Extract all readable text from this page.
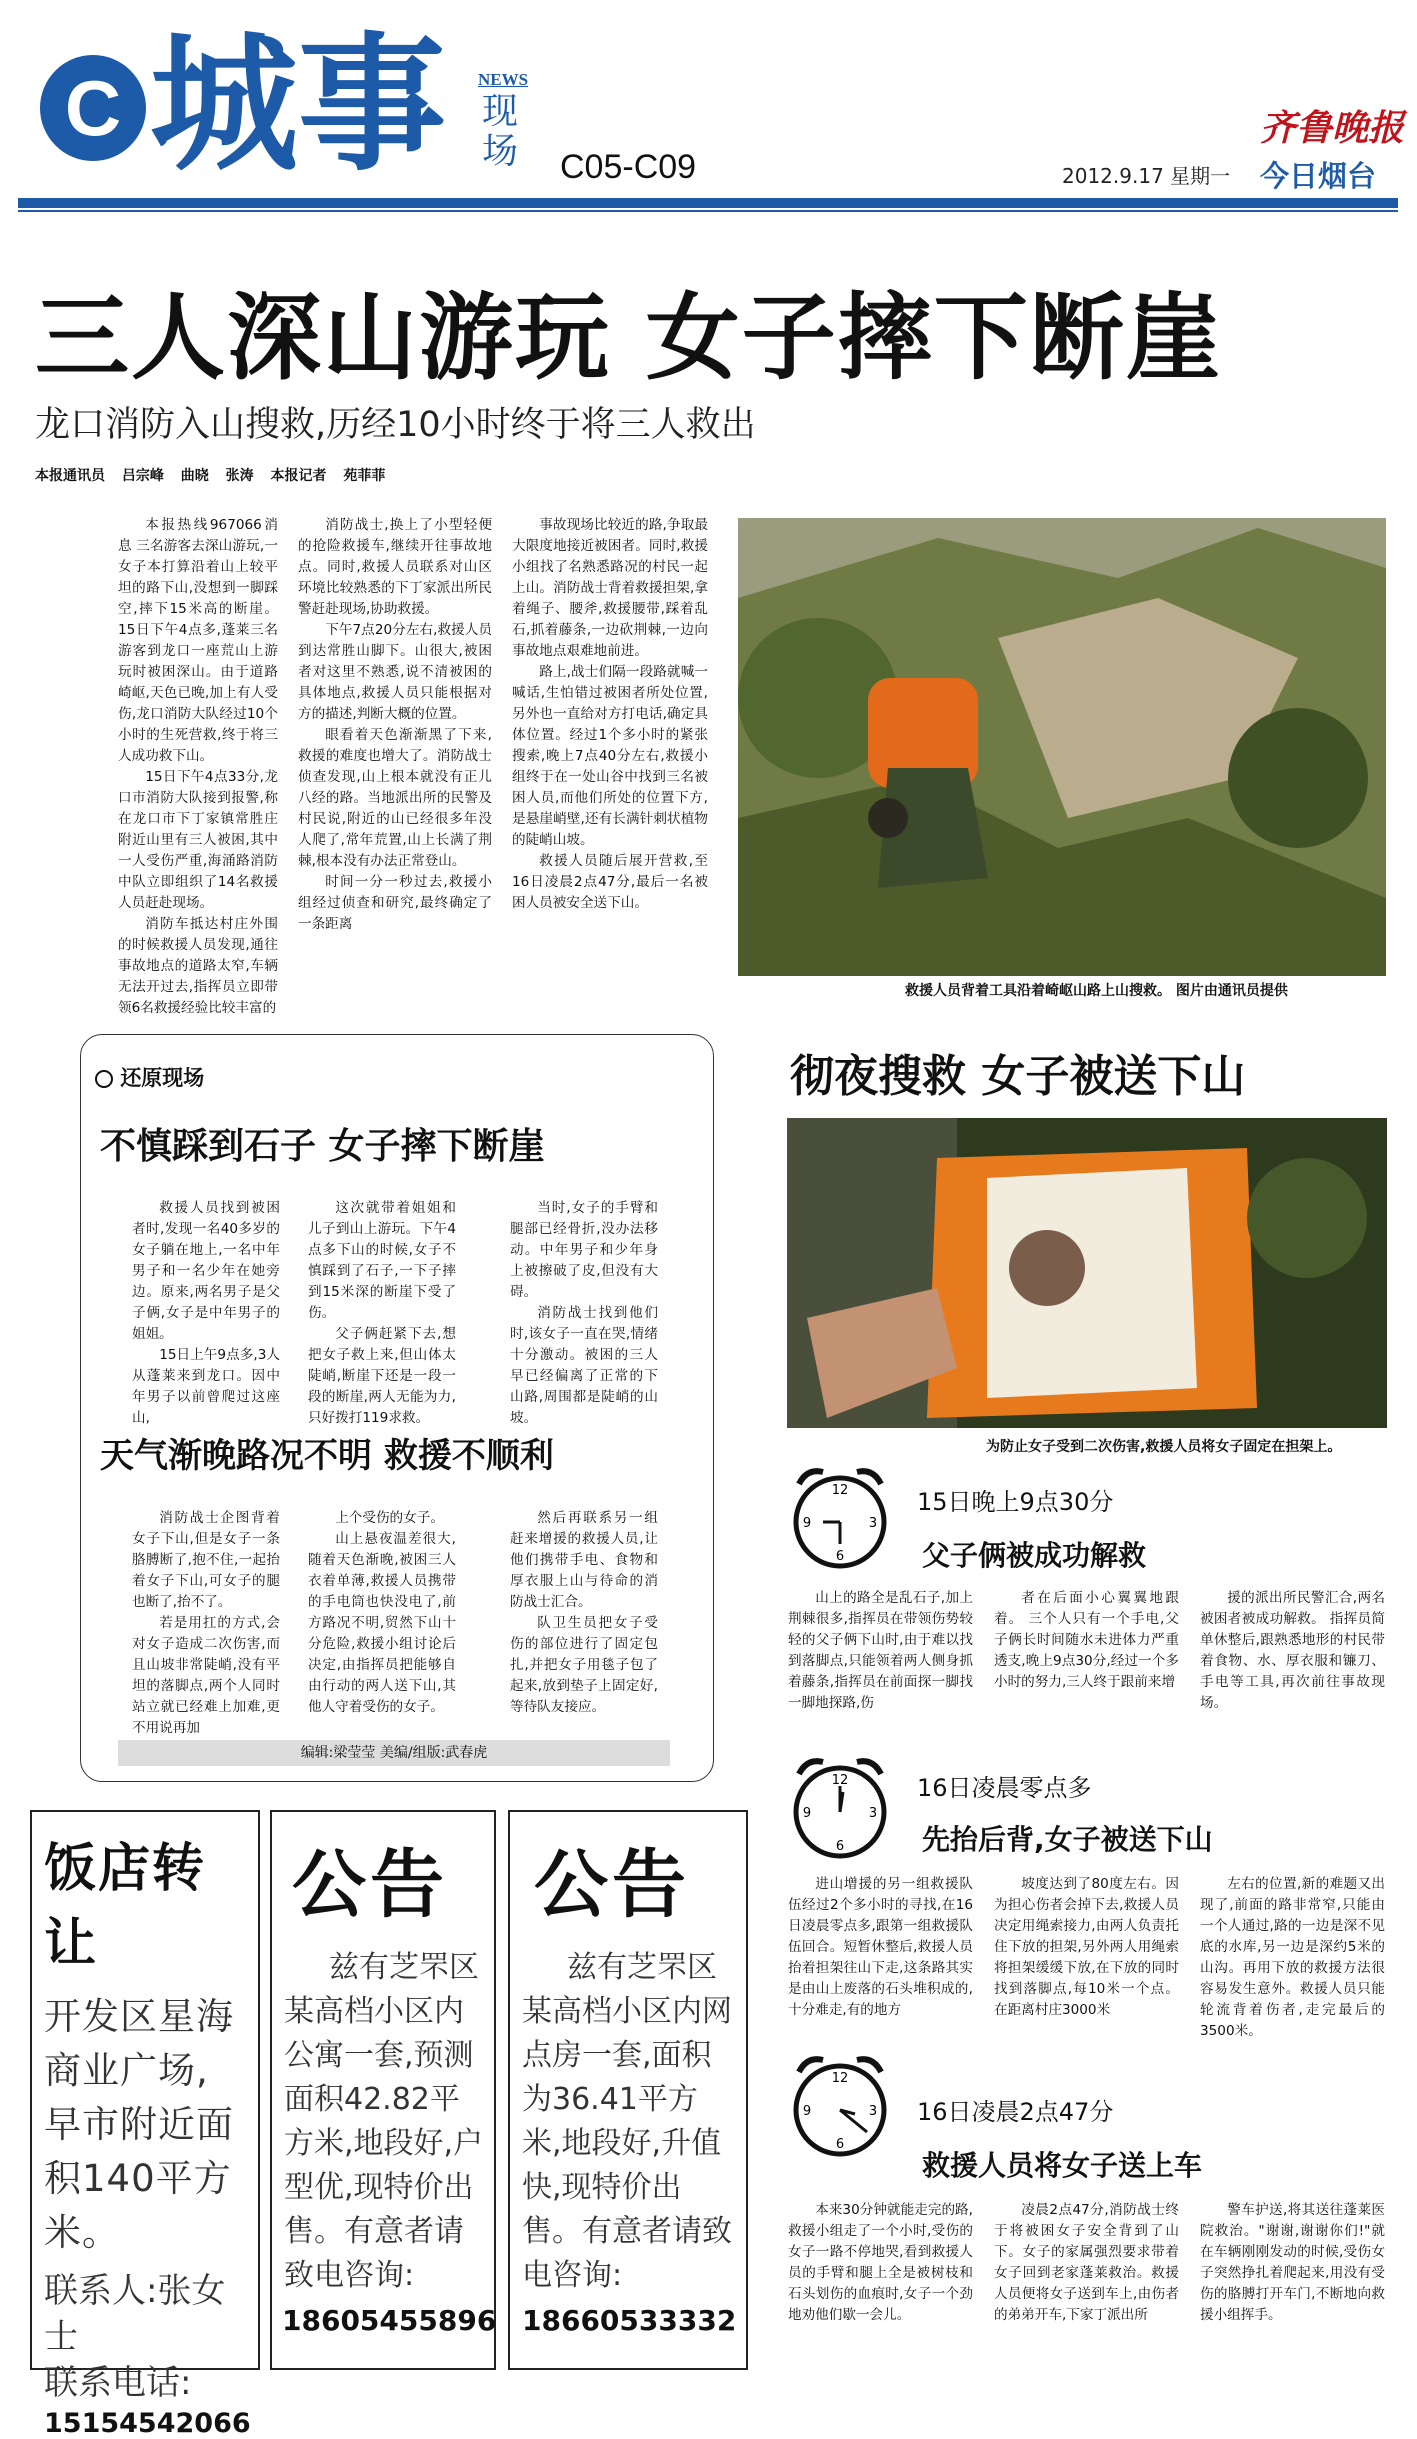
C 城事 NEWS
现场 C05-C09
齐鲁晚报
2012.9.17 星期一 今日烟台
三人深山游玩 女子摔下断崖
龙口消防入山搜救,历经10小时终于将三人救出
本报通讯员 吕宗峰 曲晓 张涛 本报记者 苑菲菲

本报热线967066消息 三名游客去深山游玩,一女子本打算沿着山上较平坦的路下山,没想到一脚踩空,摔下15米高的断崖。15日下午4点多,蓬莱三名游客到龙口一座荒山上游玩时被困深山。由于道路崎岖,天色已晚,加上有人受伤,龙口消防大队经过10个小时的生死营救,终于将三人成功救下山。

15日下午4点33分,龙口市消防大队接到报警,称在龙口市下丁家镇常胜庄附近山里有三人被困,其中一人受伤严重,海涌路消防中队立即组织了14名救援人员赶赴现场。

消防车抵达村庄外围的时候救援人员发现,通往事故地点的道路太窄,车辆无法开过去,指挥员立即带领6名救援经验比较丰富的

消防战士,换上了小型轻便的抢险救援车,继续开往事故地点。同时,救援人员联系对山区环境比较熟悉的下丁家派出所民警赶赴现场,协助救援。

下午7点20分左右,救援人员到达常胜山脚下。山很大,被困者对这里不熟悉,说不清被困的具体地点,救援人员只能根据对方的描述,判断大概的位置。

眼看着天色渐渐黑了下来,救援的难度也增大了。消防战士侦查发现,山上根本就没有正儿八经的路。当地派出所的民警及村民说,附近的山已经很多年没人爬了,常年荒置,山上长满了荆棘,根本没有办法正常登山。

时间一分一秒过去,救援小组经过侦查和研究,最终确定了一条距离

事故现场比较近的路,争取最大限度地接近被困者。同时,救援小组找了名熟悉路况的村民一起上山。消防战士背着救援担架,拿着绳子、腰斧,救援腰带,踩着乱石,抓着藤条,一边砍荆棘,一边向事故地点艰难地前进。

路上,战士们隔一段路就喊一喊话,生怕错过被困者所处位置,另外也一直给对方打电话,确定具体位置。经过1个多小时的紧张搜索,晚上7点40分左右,救援小组终于在一处山谷中找到三名被困人员,而他们所处的位置下方,是悬崖峭壁,还有长满针刺状植物的陡峭山坡。

救援人员随后展开营救,至16日凌晨2点47分,最后一名被困人员被安全送下山。

救援人员背着工具沿着崎岖山路上山搜救。 图片由通讯员提供
还原现场
不慎踩到石子 女子摔下断崖

救援人员找到被困者时,发现一名40多岁的女子躺在地上,一名中年男子和一名少年在她旁边。原来,两名男子是父子俩,女子是中年男子的姐姐。

15日上午9点多,3人从蓬莱来到龙口。因中年男子以前曾爬过这座山,

这次就带着姐姐和儿子到山上游玩。下午4点多下山的时候,女子不慎踩到了石子,一下子摔到15米深的断崖下受了伤。

父子俩赶紧下去,想把女子救上来,但山体太陡峭,断崖下还是一段一段的断崖,两人无能为力,只好拨打119求救。

当时,女子的手臂和腿部已经骨折,没办法移动。中年男子和少年身上被擦破了皮,但没有大碍。

消防战士找到他们时,该女子一直在哭,情绪十分激动。被困的三人早已经偏离了正常的下山路,周围都是陡峭的山坡。

天气渐晚路况不明 救援不顺利

消防战士企图背着女子下山,但是女子一条胳膊断了,抱不住,一起抬着女子下山,可女子的腿也断了,抬不了。

若是用扛的方式,会对女子造成二次伤害,而且山坡非常陡峭,没有平坦的落脚点,两个人同时站立就已经难上加难,更不用说再加

上个受伤的女子。

山上悬夜温差很大,随着天色渐晚,被困三人衣着单薄,救援人员携带的手电筒也快没电了,前方路况不明,贸然下山十分危险,救援小组讨论后决定,由指挥员把能够自由行动的两人送下山,其他人守着受伤的女子。

然后再联系另一组赶来增援的救援人员,让他们携带手电、食物和厚衣服上山与待命的消防战士汇合。

队卫生员把女子受伤的部位进行了固定包扎,并把女子用毯子包了起来,放到垫子上固定好,等待队友接应。

编辑:梁莹莹 美编/组版:武春虎
彻夜搜救 女子被送下山
为防止女子受到二次伤害,救援人员将女子固定在担架上。
12
3
6
9
15日晚上9点30分
父子俩被成功解救

山上的路全是乱石子,加上荆棘很多,指挥员在带领伤势较轻的父子俩下山时,由于难以找到落脚点,只能领着两人侧身抓着藤条,指挥员在前面探一脚找一脚地探路,伤

者在后面小心翼翼地跟着。 三个人只有一个手电,父子俩长时间随水未进体力严重透支,晚上9点30分,经过一个多小时的努力,三人终于跟前来增

援的派出所民警汇合,两名被困者被成功解救。 指挥员简单休整后,跟熟悉地形的村民带着食物、水、厚衣服和镰刀、手电等工具,再次前往事故现场。

12
3
6
9
16日凌晨零点多
先抬后背,女子被送下山

进山增援的另一组救援队伍经过2个多小时的寻找,在16日凌晨零点多,跟第一组救援队伍回合。短暂休整后,救援人员抬着担架往山下走,这条路其实是由山上废落的石头堆积成的,十分难走,有的地方

坡度达到了80度左右。因为担心伤者会掉下去,救援人员决定用绳索接力,由两人负责托住下放的担架,另外两人用绳索将担架缓缓下放,在下放的同时找到落脚点,每10米一个点。 在距离村庄3000米

左右的位置,新的难题又出现了,前面的路非常窄,只能由一个人通过,路的一边是深不见底的水库,另一边是深约5米的山沟。再用下放的救援方法很容易发生意外。救援人员只能轮流背着伤者,走完最后的3500米。

12
3
6
9	16日凌晨2点47分
救援人员将女子送上车

本来30分钟就能走完的路,救援小组走了一个小时,受伤的女子一路不停地哭,看到救援人员的手臂和腿上全是被树枝和石头划伤的血痕时,女子一个劲地劝他们歇一会儿。

凌晨2点47分,消防战士终于将被困女子安全背到了山下。女子的家属强烈要求带着女子回到老家蓬莱救治。救援人员便将女子送到车上,由伤者的弟弟开车,下家丁派出所

警车护送,将其送往蓬莱医院救治。"谢谢,谢谢你们!"就在车辆刚刚发动的时候,受伤女子突然挣扎着爬起来,用没有受伤的胳膊打开车门,不断地向救援小组挥手。

饭店转让
开发区星海商业广场,早市附近面积140平方米。
联系人:张女士
联系电话:
15154542066
公告
兹有芝罘区某高档小区内公寓一套,预测面积42.82平方米,地段好,户型优,现特价出售。有意者请致电咨询:
18605455896
公告
兹有芝罘区某高档小区内网点房一套,面积为36.41平方米,地段好,升值快,现特价出售。有意者请致电咨询:
18660533332
